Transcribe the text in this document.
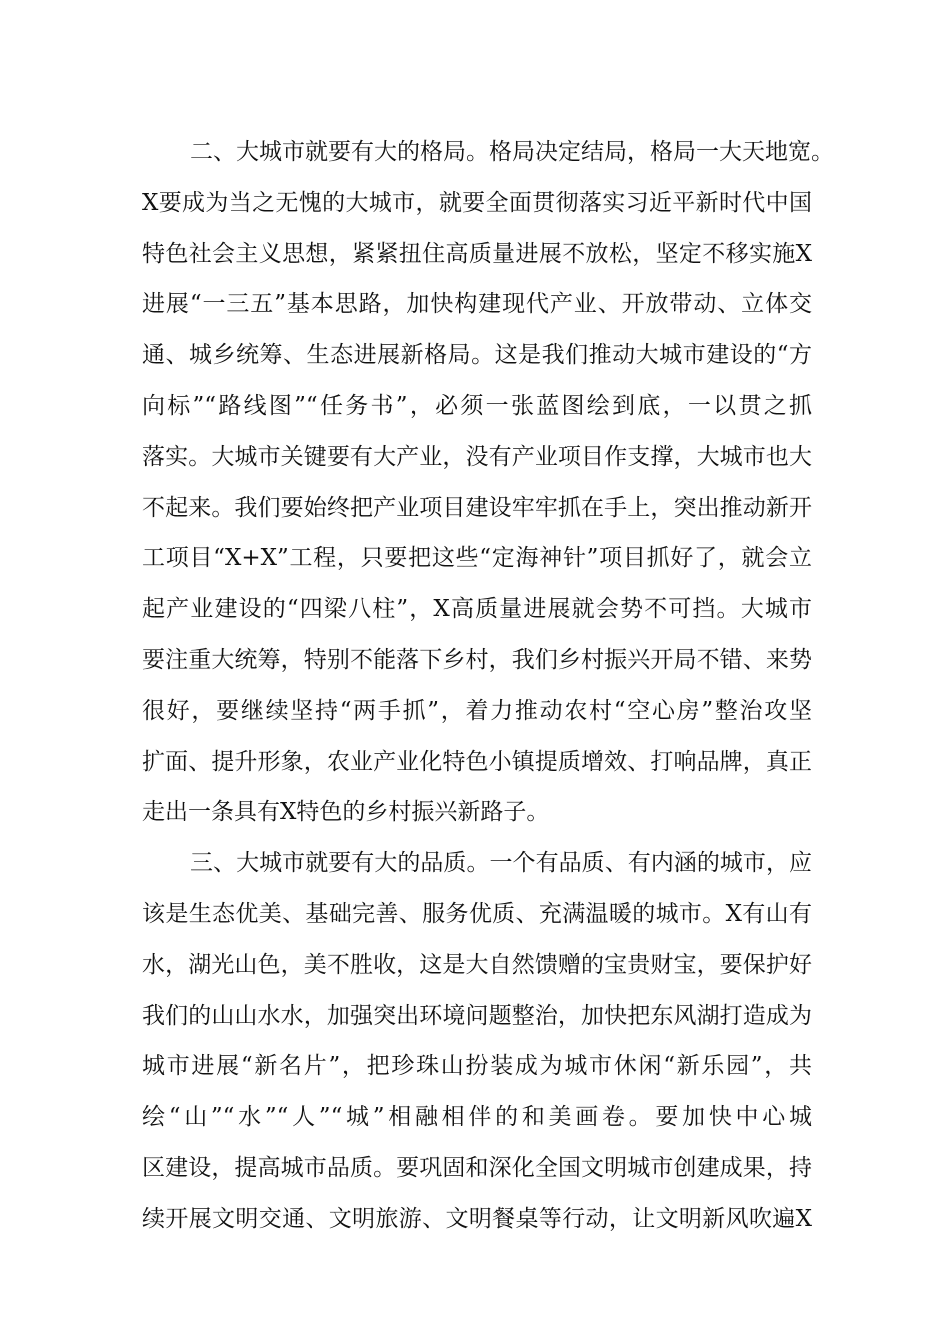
二、大城市就要有大的格局。格局决定结局，格局一大天地宽。
X要成为当之无愧的大城市，就要全面贯彻落实习近平新时代中国
特色社会主义思想，紧紧扭住高质量进展不放松，坚定不移实施X
进展“一三五”基本思路，加快构建现代产业、开放带动、立体交
通、城乡统筹、生态进展新格局。这是我们推动大城市建设的“方
向标”“路线图”“任务书”，必须一张蓝图绘到底，一以贯之抓
落实。大城市关键要有大产业，没有产业项目作支撑，大城市也大
不起来。我们要始终把产业项目建设牢牢抓在手上，突出推动新开
工项目“X+X”工程，只要把这些“定海神针”项目抓好了，就会立
起产业建设的“四梁八柱”，X高质量进展就会势不可挡。大城市
要注重大统筹，特别不能落下乡村，我们乡村振兴开局不错、来势
很好，要继续坚持“两手抓”，着力推动农村“空心房”整治攻坚
扩面、提升形象，农业产业化特色小镇提质增效、打响品牌，真正
走出一条具有X特色的乡村振兴新路子。
三、大城市就要有大的品质。一个有品质、有内涵的城市，应
该是生态优美、基础完善、服务优质、充满温暖的城市。X有山有
水，湖光山色，美不胜收，这是大自然馈赠的宝贵财宝，要保护好
我们的山山水水，加强突出环境问题整治，加快把东风湖打造成为
城市进展“新名片”，把珍珠山扮装成为城市休闲“新乐园”，共
绘“山”“水”“人”“城”相融相伴的和美画卷。要加快中心城
区建设，提高城市品质。要巩固和深化全国文明城市创建成果，持
续开展文明交通、文明旅游、文明餐桌等行动，让文明新风吹遍X
